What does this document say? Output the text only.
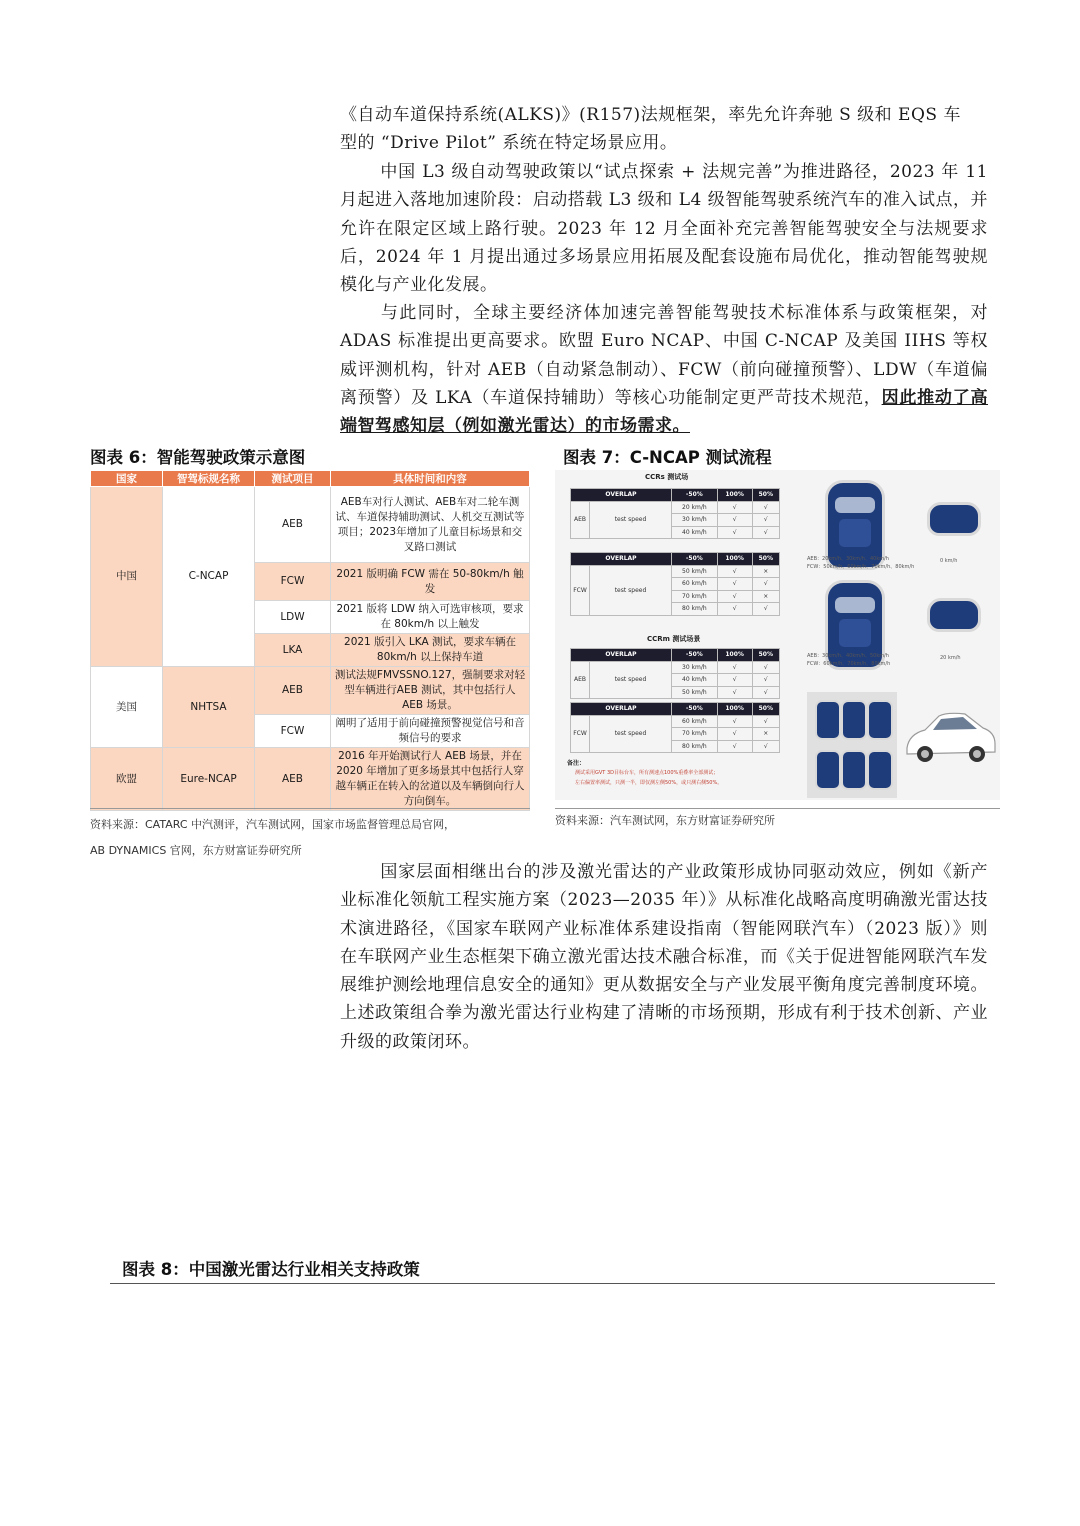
《自动车道保持系统(ALKS)》(R157)法规框架，率先允许奔驰 S 级和 EQS 车
型的 “Drive Pilot” 系统在特定场景应用。

中国 L3 级自动驾驶政策以“试点探索 + 法规完善”为推进路径，2023 年 11 月起进入落地加速阶段：启动搭载 L3 级和 L4 级智能驾驶系统汽车的准入试点，并允许在限定区域上路行驶。2023 年 12 月全面补充完善智能驾驶安全与法规要求后，2024 年 1 月提出通过多场景应用拓展及配套设施布局优化，推动智能驾驶规模化与产业化发展。

与此同时，全球主要经济体加速完善智能驾驶技术标准体系与政策框架，对 ADAS 标准提出更高要求。欧盟 Euro NCAP、中国 C-NCAP 及美国 IIHS 等权威评测机构，针对 AEB（自动紧急制动）、FCW（前向碰撞预警）、LDW（车道偏离预警）及 LKA（车道保持辅助）等核心功能制定更严苛技术规范，因此推动了高端智驾感知层（例如激光雷达）的市场需求。

图表 6：智能驾驶政策示意图
国家	智驾标规名称	测试项目	具体时间和内容
中国	C-NCAP	AEB	AEB车对行人测试、AEB车对二轮车测试、车道保持辅助测试、人机交互测试等项目；2023年增加了儿童目标场景和交叉路口测试
		FCW	2021 版明确 FCW 需在 50-80km/h 触发
		LDW	2021 版将 LDW 纳入可选审核项，要求在 80km/h 以上触发
		LKA	2021 版引入 LKA 测试，要求车辆在 80km/h 以上保持车道
美国	NHTSA	AEB	测试法规FMVSSNO.127，强制要求对轻型车辆进行AEB 测试，其中包括行人 AEB 场景。
		FCW	阐明了适用于前向碰撞预警视觉信号和音频信号的要求
欧盟	Eure-NCAP	AEB	2016 年开始测试行人 AEB 场景，并在 2020 年增加了更多场景其中包括行人穿越车辆正在转入的岔道以及车辆倒向行人方向倒车。
资料来源：CATARC 中汽测评，汽车测试网，国家市场监督管理总局官网，
AB DYNAMICS 官网，东方财富证券研究所
图表 7：C-NCAP 测试流程
CCRs 测试场
OVERLAP		-50%	100%	50%
AEB	test speed	20 km/h	√	√
		30 km/h	√	√
		40 km/h	√	√
OVERLAP		-50%	100%	50%
FCW	test speed	50 km/h	√	×
		60 km/h	√	√
		70 km/h	√	×
		80 km/h	√	√
CCRm 测试场景
OVERLAP		-50%	100%	50%
AEB	test speed	30 km/h	√	√
		40 km/h	√	√
		50 km/h	√	√
OVERLAP		-50%	100%	50%
FCW	test speed	60 km/h	√	√
		70 km/h	√	×
		80 km/h	√	√
备注：
测试采用GVT 3D目标台车，所有测速点100%重叠率全部测试；
左右偏置率测试，只测一半，即仅测左侧50%，或只测右侧50%。
AEB：20km/h、30km/h、40km/h
FCW：50km/h、60km/h、70km/h、80km/h
0 km/h
AEB：30km/h、40km/h、50km/h
FCW：60km/h、70km/h、80km/h
20 km/h
资料来源：汽车测试网，东方财富证券研究所

国家层面相继出台的涉及激光雷达的产业政策形成协同驱动效应，例如《新产业标准化领航工程实施方案（2023—2035 年）》从标准化战略高度明确激光雷达技术演进路径，《国家车联网产业标准体系建设指南（智能网联汽车）（2023 版）》则在车联网产业生态框架下确立激光雷达技术融合标准，而《关于促进智能网联汽车发展维护测绘地理信息安全的通知》更从数据安全与产业发展平衡角度完善制度环境。上述政策组合拳为激光雷达行业构建了清晰的市场预期，形成有利于技术创新、产业升级的政策闭环。

图表 8：中国激光雷达行业相关支持政策
